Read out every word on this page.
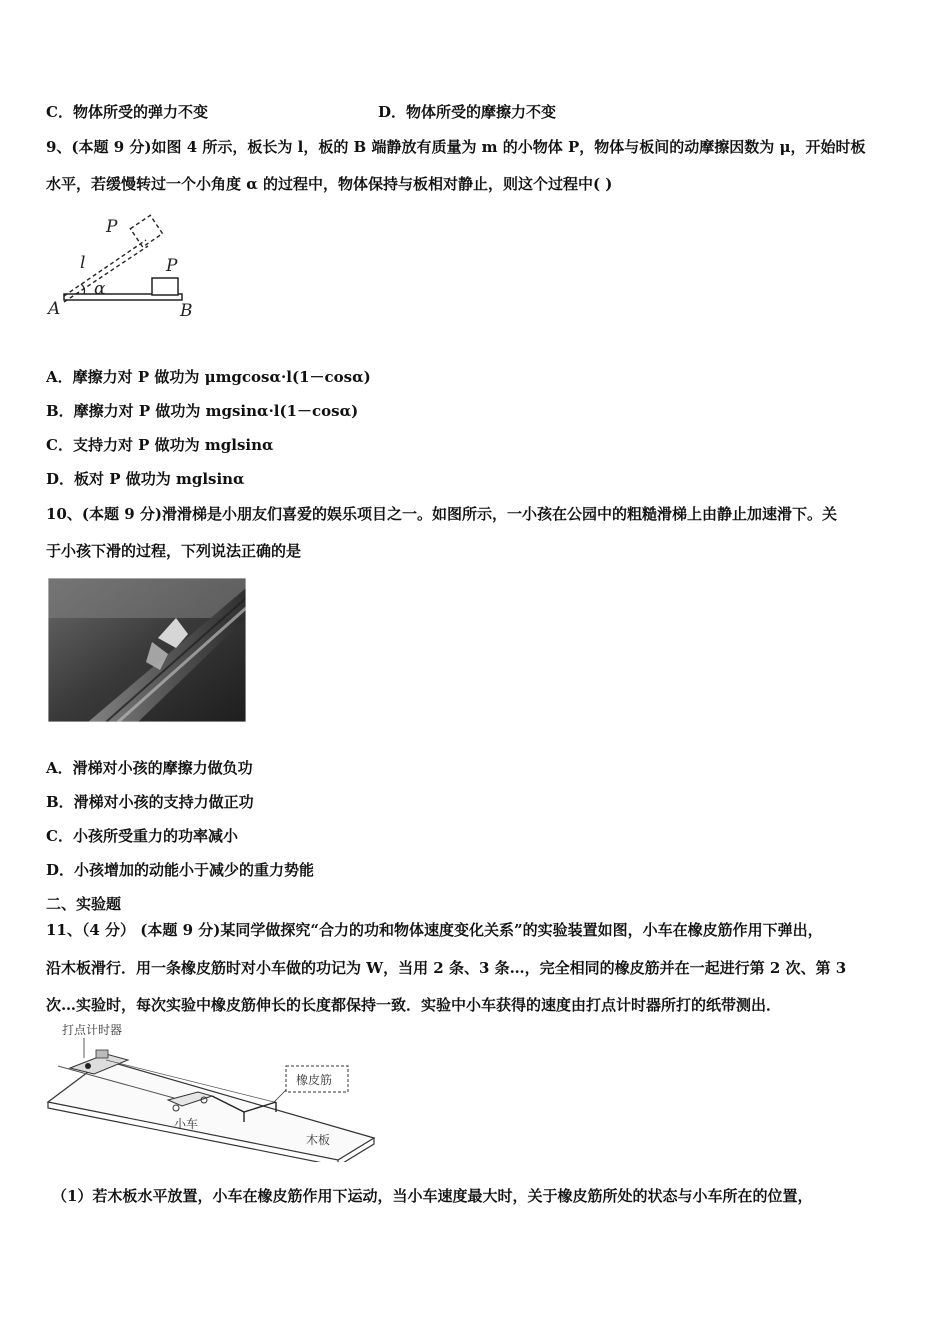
C．物体所受的弹力不变	D．物体所受的摩擦力不变
9、(本题 9 分)如图 4 所示，板长为 l，板的 B 端静放有质量为 m 的小物体 P，物体与板间的动摩擦因数为 μ，开始时板
水平，若缓慢转过一个小角度 α 的过程中，物体保持与板相对静止，则这个过程中( )
P
l	P
A
α
B
A．摩擦力对 P 做功为 μmgcosα·l(1－cosα)
B．摩擦力对 P 做功为 mgsinα·l(1－cosα)
C．支持力对 P 做功为 mglsinα
D．板对 P 做功为 mglsinα
10、(本题 9 分)滑滑梯是小朋友们喜爱的娱乐项目之一。如图所示，一小孩在公园中的粗糙滑梯上由静止加速滑下。关
于小孩下滑的过程，下列说法正确的是
A．滑梯对小孩的摩擦力做负功
B．滑梯对小孩的支持力做正功
C．小孩所受重力的功率减小
D．小孩增加的动能小于减少的重力势能
二、实验题
11、（4 分） (本题 9 分)某同学做探究“合力的功和物体速度变化关系”的实验装置如图，小车在橡皮筋作用下弹出，
沿木板滑行．用一条橡皮筋时对小车做的功记为 W，当用 2 条、3 条…，完全相同的橡皮筋并在一起进行第 2 次、第 3
次…实验时，每次实验中橡皮筋伸长的长度都保持一致．实验中小车获得的速度由打点计时器所打的纸带测出．
打点计时器
橡皮筋
小车
木板
（1）若木板水平放置，小车在橡皮筋作用下运动，当小车速度最大时，关于橡皮筋所处的状态与小车所在的位置，
